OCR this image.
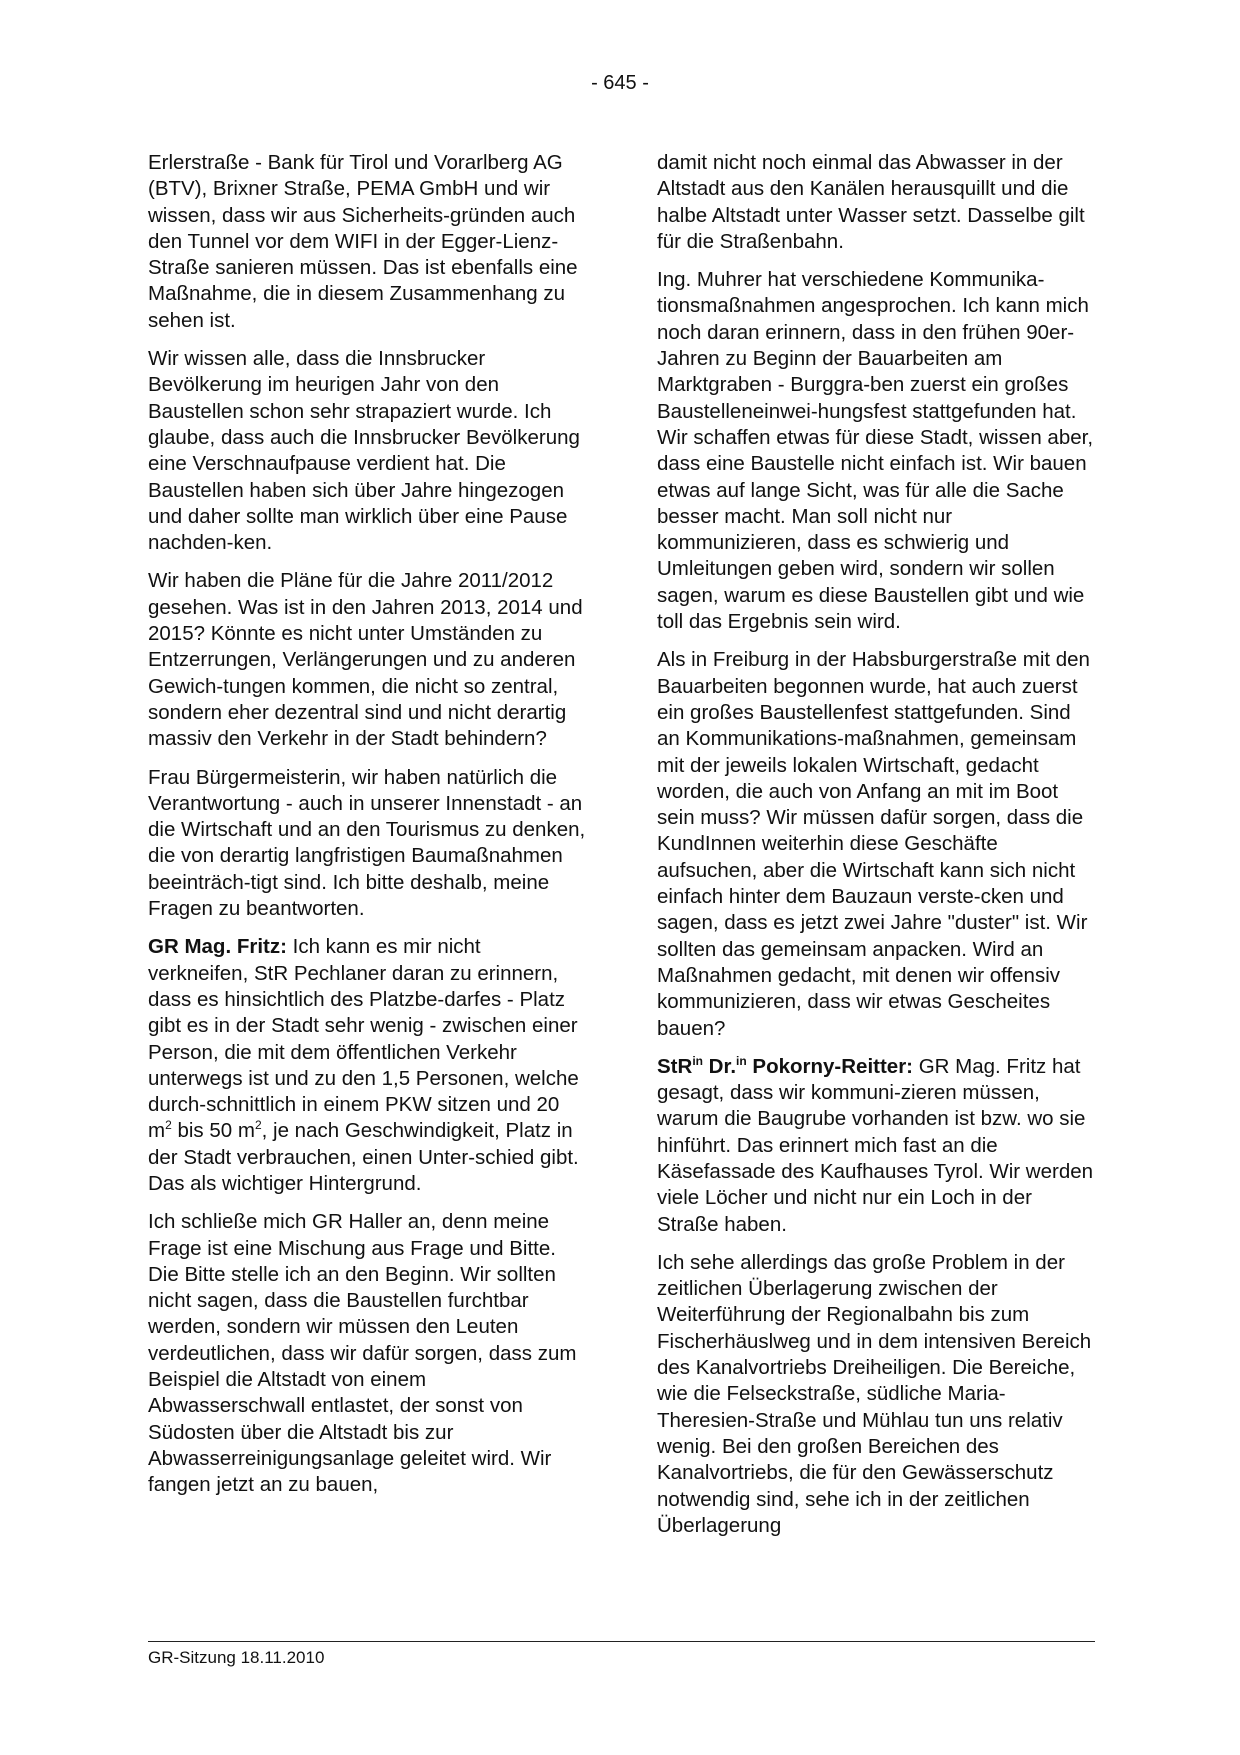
- 645 -

Erlerstraße - Bank für Tirol und Vorarlberg AG (BTV), Brixner Straße, PEMA GmbH und wir wissen, dass wir aus Sicherheits-gründen auch den Tunnel vor dem WIFI in der Egger-Lienz-Straße sanieren müssen. Das ist ebenfalls eine Maßnahme, die in diesem Zusammenhang zu sehen ist.

Wir wissen alle, dass die Innsbrucker Bevölkerung im heurigen Jahr von den Baustellen schon sehr strapaziert wurde. Ich glaube, dass auch die Innsbrucker Bevölkerung eine Verschnaufpause verdient hat. Die Baustellen haben sich über Jahre hingezogen und daher sollte man wirklich über eine Pause nachden-ken.

Wir haben die Pläne für die Jahre 2011/2012 gesehen. Was ist in den Jahren 2013, 2014 und 2015? Könnte es nicht unter Umständen zu Entzerrungen, Verlängerungen und zu anderen Gewich-tungen kommen, die nicht so zentral, sondern eher dezentral sind und nicht derartig massiv den Verkehr in der Stadt behindern?

Frau Bürgermeisterin, wir haben natürlich die Verantwortung - auch in unserer Innenstadt - an die Wirtschaft und an den Tourismus zu denken, die von derartig langfristigen Baumaßnahmen beeinträch-tigt sind. Ich bitte deshalb, meine Fragen zu beantworten.

GR Mag. Fritz: Ich kann es mir nicht verkneifen, StR Pechlaner daran zu erinnern, dass es hinsichtlich des Platzbe-darfes - Platz gibt es in der Stadt sehr wenig - zwischen einer Person, die mit dem öffentlichen Verkehr unterwegs ist und zu den 1,5 Personen, welche durch-schnittlich in einem PKW sitzen und 20 $m^2$ bis 50 $m^2$, je nach Geschwindigkeit, Platz in der Stadt verbrauchen, einen Unter-schied gibt. Das als wichtiger Hintergrund.

Ich schließe mich GR Haller an, denn meine Frage ist eine Mischung aus Frage und Bitte. Die Bitte stelle ich an den Beginn. Wir sollten nicht sagen, dass die Baustellen furchtbar werden, sondern wir müssen den Leuten verdeutlichen, dass wir dafür sorgen, dass zum Beispiel die Altstadt von einem Abwasserschwall entlastet, der sonst von Südosten über die Altstadt bis zur Abwasserreinigungsanlage geleitet wird. Wir fangen jetzt an zu bauen,

damit nicht noch einmal das Abwasser in der Altstadt aus den Kanälen herausquillt und die halbe Altstadt unter Wasser setzt. Dasselbe gilt für die Straßenbahn.

Ing. Muhrer hat verschiedene Kommunika-tionsmaßnahmen angesprochen. Ich kann mich noch daran erinnern, dass in den frühen 90er-Jahren zu Beginn der Bauarbeiten am Marktgraben - Burggra-ben zuerst ein großes Baustelleneinwei-hungsfest stattgefunden hat. Wir schaffen etwas für diese Stadt, wissen aber, dass eine Baustelle nicht einfach ist. Wir bauen etwas auf lange Sicht, was für alle die Sache besser macht. Man soll nicht nur kommunizieren, dass es schwierig und Umleitungen geben wird, sondern wir sollen sagen, warum es diese Baustellen gibt und wie toll das Ergebnis sein wird.

Als in Freiburg in der Habsburgerstraße mit den Bauarbeiten begonnen wurde, hat auch zuerst ein großes Baustellenfest stattgefunden. Sind an Kommunikations-maßnahmen, gemeinsam mit der jeweils lokalen Wirtschaft, gedacht worden, die auch von Anfang an mit im Boot sein muss? Wir müssen dafür sorgen, dass die KundInnen weiterhin diese Geschäfte aufsuchen, aber die Wirtschaft kann sich nicht einfach hinter dem Bauzaun verste-cken und sagen, dass es jetzt zwei Jahre "duster" ist. Wir sollten das gemeinsam anpacken. Wird an Maßnahmen gedacht, mit denen wir offensiv kommunizieren, dass wir etwas Gescheites bauen?

StR$^{in}$ Dr.$^{in}$ Pokorny-Reitter: GR Mag. Fritz hat gesagt, dass wir kommuni-zieren müssen, warum die Baugrube vorhanden ist bzw. wo sie hinführt. Das erinnert mich fast an die Käsefassade des Kaufhauses Tyrol. Wir werden viele Löcher und nicht nur ein Loch in der Straße haben.

Ich sehe allerdings das große Problem in der zeitlichen Überlagerung zwischen der Weiterführung der Regionalbahn bis zum Fischerhäuslweg und in dem intensiven Bereich des Kanalvortriebs Dreiheiligen. Die Bereiche, wie die Felseckstraße, südliche Maria-Theresien-Straße und Mühlau tun uns relativ wenig. Bei den großen Bereichen des Kanalvortriebs, die für den Gewässerschutz notwendig sind, sehe ich in der zeitlichen Überlagerung

GR-Sitzung 18.11.2010
